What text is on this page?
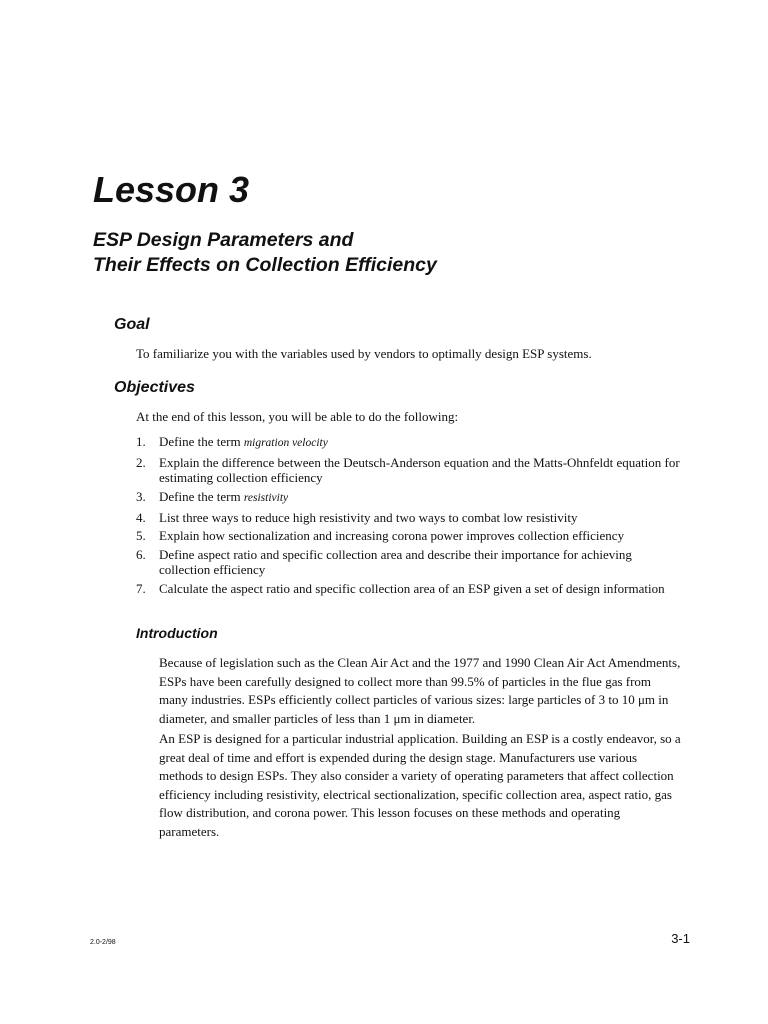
Lesson 3
ESP Design Parameters and
Their Effects on Collection Efficiency
Goal

To familiarize you with the variables used by vendors to optimally design ESP systems.

Objectives

At the end of this lesson, you will be able to do the following:

1. Define the term migration velocity
2. Explain the difference between the Deutsch-Anderson equation and the Matts-Ohnfeldt equation for estimating collection efficiency
3. Define the term resistivity
4. List three ways to reduce high resistivity and two ways to combat low resistivity
5. Explain how sectionalization and increasing corona power improves collection efficiency
6. Define aspect ratio and specific collection area and describe their importance for achieving collection efficiency
7. Calculate the aspect ratio and specific collection area of an ESP given a set of design information
Introduction

Because of legislation such as the Clean Air Act and the 1977 and 1990 Clean Air Act Amendments, ESPs have been carefully designed to collect more than 99.5% of particles in the flue gas from many industries. ESPs efficiently collect particles of various sizes: large particles of 3 to 10 μm in diameter, and smaller particles of less than 1 μm in diameter.

An ESP is designed for a particular industrial application. Building an ESP is a costly endeavor, so a great deal of time and effort is expended during the design stage. Manufacturers use various methods to design ESPs. They also consider a variety of operating parameters that affect collection efficiency including resistivity, electrical sectionalization, specific collection area, aspect ratio, gas flow distribution, and corona power. This lesson focuses on these methods and operating parameters.

2.0-2/98	3-1
